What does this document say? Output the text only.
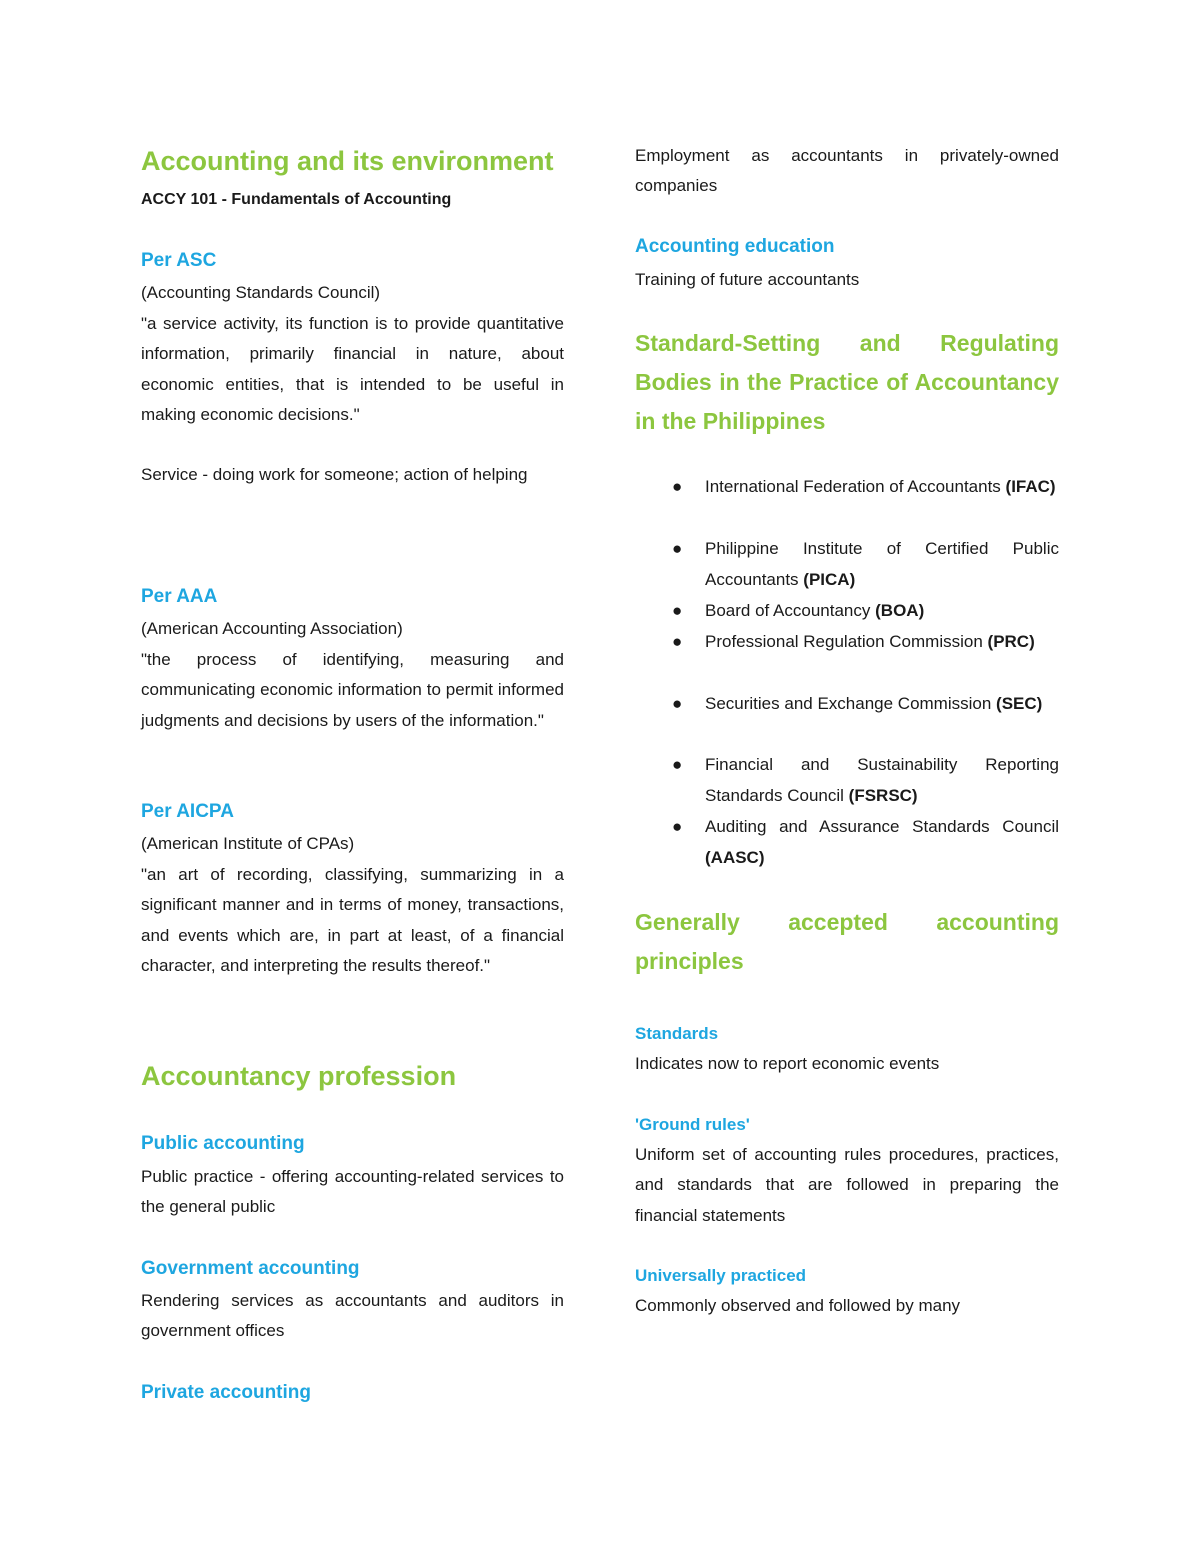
Accounting and its environment
ACCY 101 - Fundamentals of Accounting
Per ASC
(Accounting Standards Council)
"a service activity, its function is to provide quantitative information, primarily financial in nature, about economic entities, that is intended to be useful in making economic decisions."
Service - doing work for someone; action of helping
Per AAA
(American Accounting Association)
"the process of identifying, measuring and communicating economic information to permit informed judgments and decisions by users of the information."
Per AICPA
(American Institute of CPAs)
"an art of recording, classifying, summarizing in a significant manner and in terms of money, transactions, and events which are, in part at least, of a financial character, and interpreting the results thereof."
Accountancy profession
Public accounting
Public practice - offering accounting-related services to the general public
Government accounting
Rendering services as accountants and auditors in government offices
Private accounting
Employment as accountants in privately-owned companies
Accounting education
Training of future accountants
Standard-Setting and Regulating Bodies in the Practice of Accountancy in the Philippines
● International Federation of Accountants (IFAC)
● Philippine Institute of Certified Public Accountants (PICA)
● Board of Accountancy (BOA)
● Professional Regulation Commission (PRC)
● Securities and Exchange Commission (SEC)
● Financial and Sustainability Reporting Standards Council (FSRSC)
● Auditing and Assurance Standards Council (AASC)
Generally accepted accounting principles
Standards
Indicates now to report economic events
'Ground rules'
Uniform set of accounting rules procedures, practices, and standards that are followed in preparing the financial statements
Universally practiced
Commonly observed and followed by many
